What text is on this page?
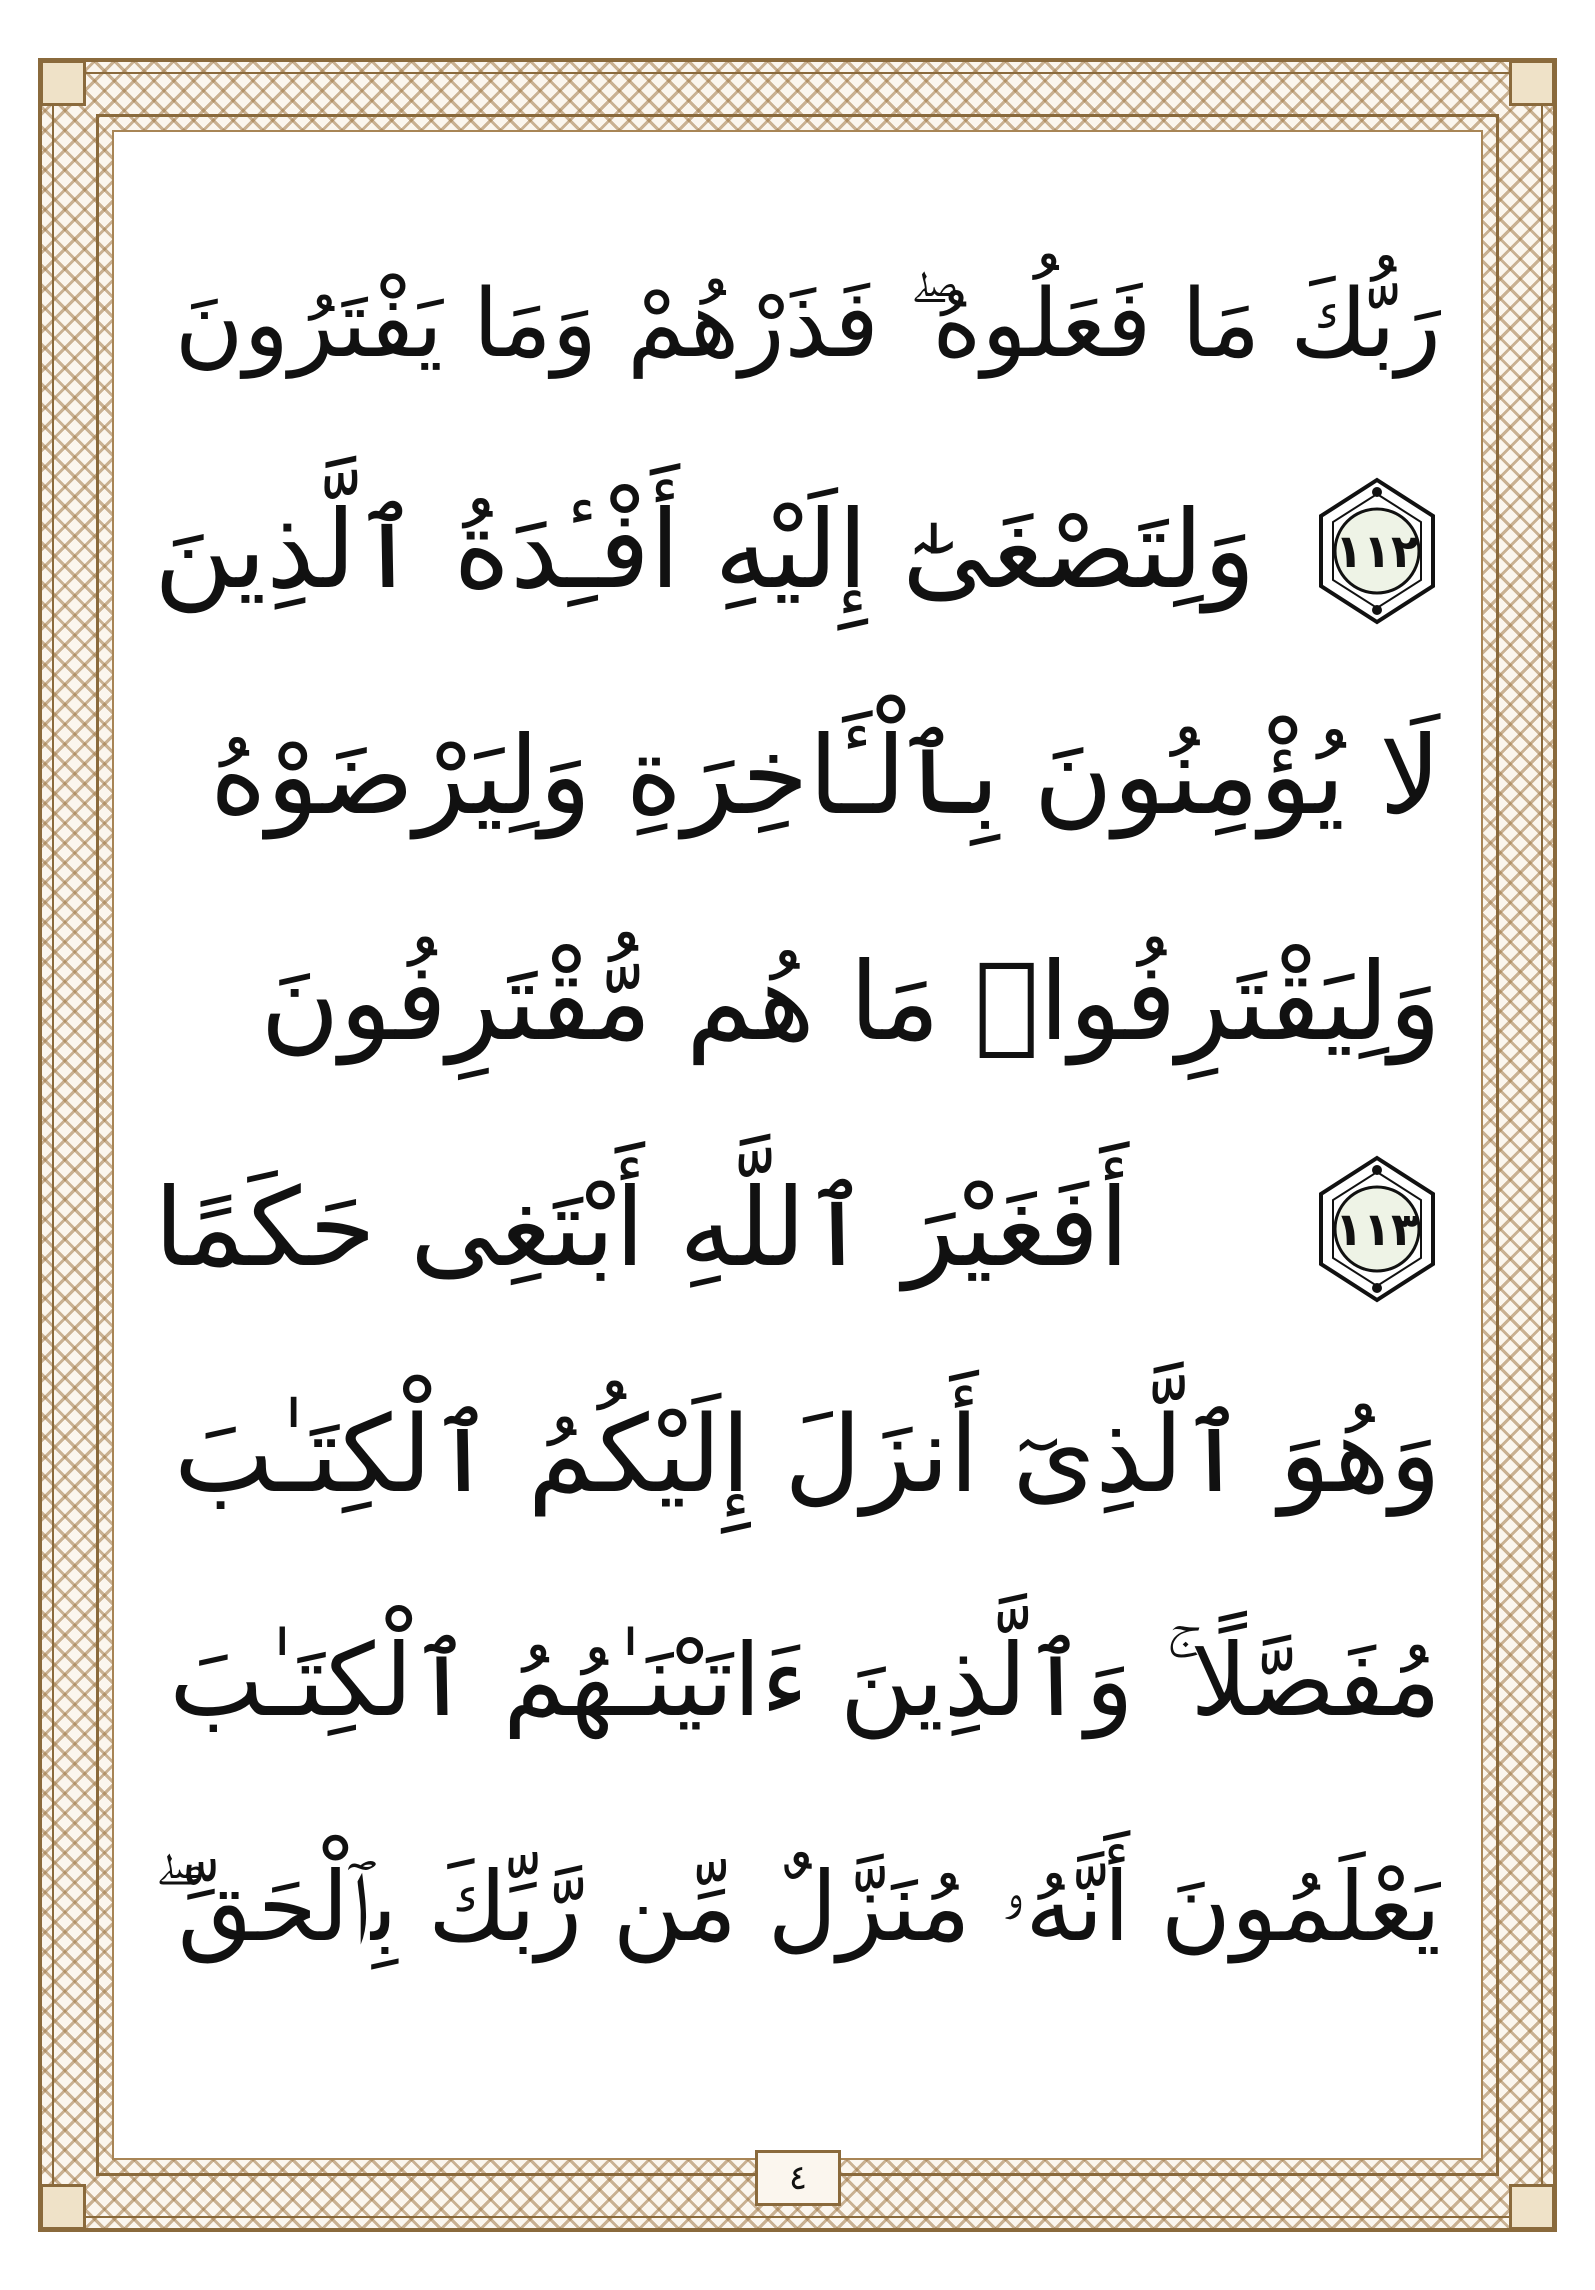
رَبُّكَ مَا فَعَلُوهُ ۖ فَذَرْهُمْ وَمَا يَفْتَرُونَ
١١٢
وَلِتَصْغَىٰٓ إِلَيْهِ أَفْـِٔدَةُ ٱلَّذِينَ
لَا يُؤْمِنُونَ بِٱلْـَٔاخِرَةِ وَلِيَرْضَوْهُ
وَلِيَقْتَرِفُوا۟ مَا هُم مُّقْتَرِفُونَ
١١٣
أَفَغَيْرَ ٱللَّهِ أَبْتَغِى حَكَمًا
وَهُوَ ٱلَّذِىٓ أَنزَلَ إِلَيْكُمُ ٱلْكِتَـٰبَ
مُفَصَّلًا ۚ وَٱلَّذِينَ ءَاتَيْنَـٰهُمُ ٱلْكِتَـٰبَ
يَعْلَمُونَ أَنَّهُۥ مُنَزَّلٌ مِّن رَّبِّكَ بِٱلْحَقِّ ۖ
٤
